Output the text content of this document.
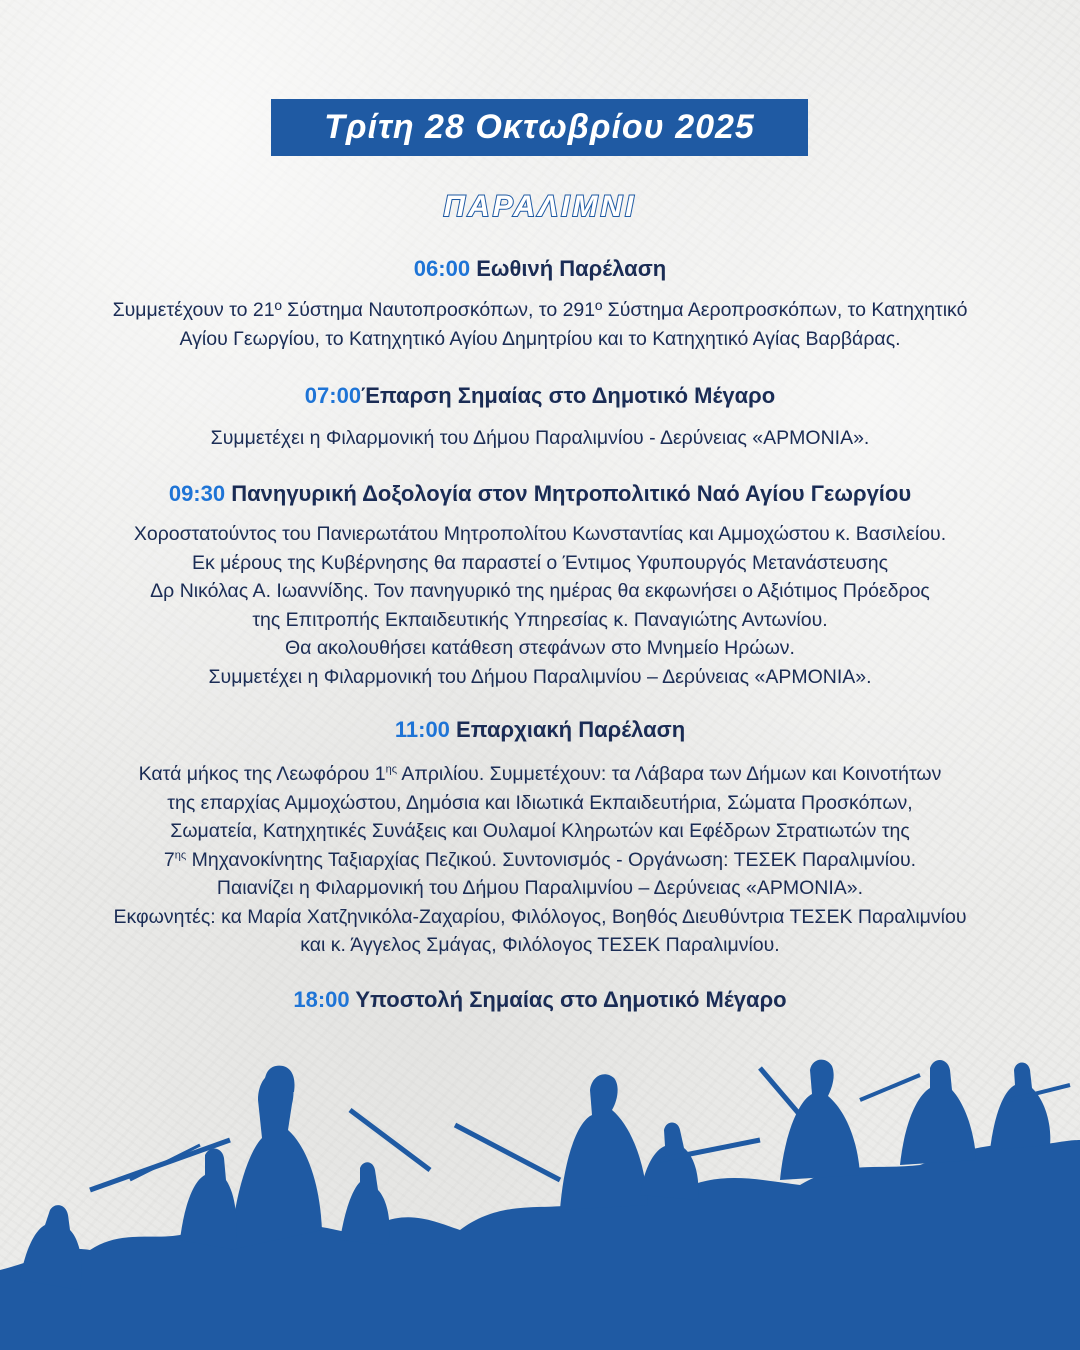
Τρίτη 28 Οκτωβρίου 2025
ΠΑΡΑΛΙΜΝΙ
06:00 Εωθινή Παρέλαση
Συμμετέχουν το 21º Σύστημα Ναυτοπροσκόπων, το 291º Σύστημα Αεροπροσκόπων, το Κατηχητικό
Αγίου Γεωργίου, το Κατηχητικό Αγίου Δημητρίου και το Κατηχητικό Αγίας Βαρβάρας.
07:00Έπαρση Σημαίας στο Δημοτικό Μέγαρο
Συμμετέχει η Φιλαρμονική του Δήμου Παραλιμνίου - Δερύνειας «ΑΡΜΟΝΙΑ».
09:30 Πανηγυρική Δοξολογία στον Μητροπολιτικό Ναό Αγίου Γεωργίου
Χοροστατούντος του Πανιερωτάτου Μητροπολίτου Κωνσταντίας και Αμμοχώστου κ. Βασιλείου.
Εκ μέρους της Κυβέρνησης θα παραστεί ο Έντιμος Υφυπουργός Μετανάστευσης
Δρ Νικόλας Α. Ιωαννίδης. Τον πανηγυρικό της ημέρας θα εκφωνήσει ο Αξιότιμος Πρόεδρος
της Επιτροπής Εκπαιδευτικής Υπηρεσίας κ. Παναγιώτης Αντωνίου.
Θα ακολουθήσει κατάθεση στεφάνων στο Μνημείο Ηρώων.
Συμμετέχει η Φιλαρμονική του Δήμου Παραλιμνίου – Δερύνειας «ΑΡΜΟΝΙΑ».
11:00 Επαρχιακή Παρέλαση
Κατά μήκος της Λεωφόρου $1^{\eta\varsigma}$ Απριλίου. Συμμετέχουν: τα Λάβαρα των Δήμων και Κοινοτήτων
της επαρχίας Αμμοχώστου, Δημόσια και Ιδιωτικά Εκπαιδευτήρια, Σώματα Προσκόπων,
Σωματεία, Κατηχητικές Συνάξεις και Ουλαμοί Κληρωτών και Εφέδρων Στρατιωτών της
$7^{\eta\varsigma}$ Μηχανοκίνητης Ταξιαρχίας Πεζικού. Συντονισμός - Οργάνωση: ΤΕΣΕΚ Παραλιμνίου.
Παιανίζει η Φιλαρμονική του Δήμου Παραλιμνίου – Δερύνειας «ΑΡΜΟΝΙΑ».
Εκφωνητές: κα Μαρία Χατζηνικόλα-Ζαχαρίου, Φιλόλογος, Βοηθός Διευθύντρια ΤΕΣΕΚ Παραλιμνίου
και κ. Άγγελος Σμάγας, Φιλόλογος ΤΕΣΕΚ Παραλιμνίου.
18:00 Υποστολή Σημαίας στο Δημοτικό Μέγαρο
